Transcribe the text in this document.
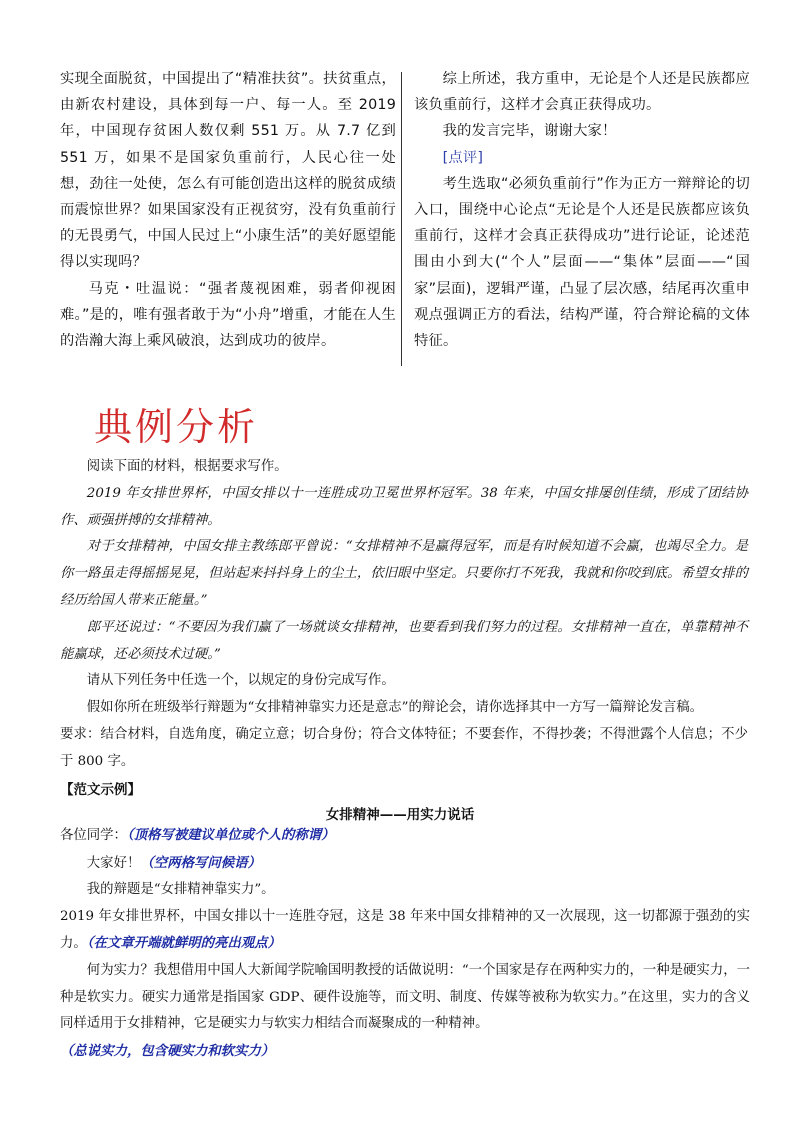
实现全面脱贫，中国提出了“精准扶贫”。扶贫重点，由新农村建设，具体到每一户、每一人。至 2019 年，中国现存贫困人数仅剩 551 万。从 7.7 亿到 551 万，如果不是国家负重前行，人民心往一处想，劲往一处使，怎么有可能创造出这样的脱贫成绩而震惊世界？如果国家没有正视贫穷，没有负重前行的无畏勇气，中国人民过上“小康生活”的美好愿望能得以实现吗？

马克・吐温说：“强者蔑视困难，弱者仰视困难。”是的，唯有强者敢于为“小舟”增重，才能在人生的浩瀚大海上乘风破浪，达到成功的彼岸。

综上所述，我方重申，无论是个人还是民族都应该负重前行，这样才会真正获得成功。

我的发言完毕，谢谢大家！

[点评]

考生选取“必须负重前行”作为正方一辩辩论的切入口，围绕中心论点“无论是个人还是民族都应该负重前行，这样才会真正获得成功”进行论证，论述范围由小到大(“个人”层面——“集体”层面——“国家”层面)，逻辑严谨，凸显了层次感，结尾再次重申观点强调正方的看法，结构严谨，符合辩论稿的文体特征。

典例分析

阅读下面的材料，根据要求写作。

2019 年女排世界杯，中国女排以十一连胜成功卫冕世界杯冠军。38 年来，中国女排屡创佳绩，形成了团结协作、顽强拼搏的女排精神。

对于女排精神，中国女排主教练郎平曾说：“女排精神不是赢得冠军，而是有时候知道不会赢，也竭尽全力。是你一路虽走得摇摇晃晃，但站起来抖抖身上的尘土，依旧眼中坚定。只要你打不死我，我就和你咬到底。希望女排的经历给国人带来正能量。”

郎平还说过：“不要因为我们赢了一场就谈女排精神，也要看到我们努力的过程。女排精神一直在，单靠精神不能赢球，还必须技术过硬。”

请从下列任务中任选一个，以规定的身份完成写作。

假如你所在班级举行辩题为“女排精神靠实力还是意志”的辩论会，请你选择其中一方写一篇辩论发言稿。

要求：结合材料，自选角度，确定立意；切合身份；符合文体特征；不要套作，不得抄袭；不得泄露个人信息；不少于 800 字。

【范文示例】

女排精神——用实力说话

各位同学：（顶格写被建议单位或个人的称谓）

大家好！（空两格写问候语）

我的辩题是“女排精神靠实力”。

2019 年女排世界杯，中国女排以十一连胜夺冠，这是 38 年来中国女排精神的又一次展现，这一切都源于强劲的实力。（在文章开端就鲜明的亮出观点）

何为实力？我想借用中国人大新闻学院喻国明教授的话做说明：“一个国家是存在两种实力的，一种是硬实力，一种是软实力。硬实力通常是指国家 GDP、硬件设施等，而文明、制度、传媒等被称为软实力。”在这里，实力的含义同样适用于女排精神，它是硬实力与软实力相结合而凝聚成的一种精神。

（总说实力，包含硬实力和软实力）
